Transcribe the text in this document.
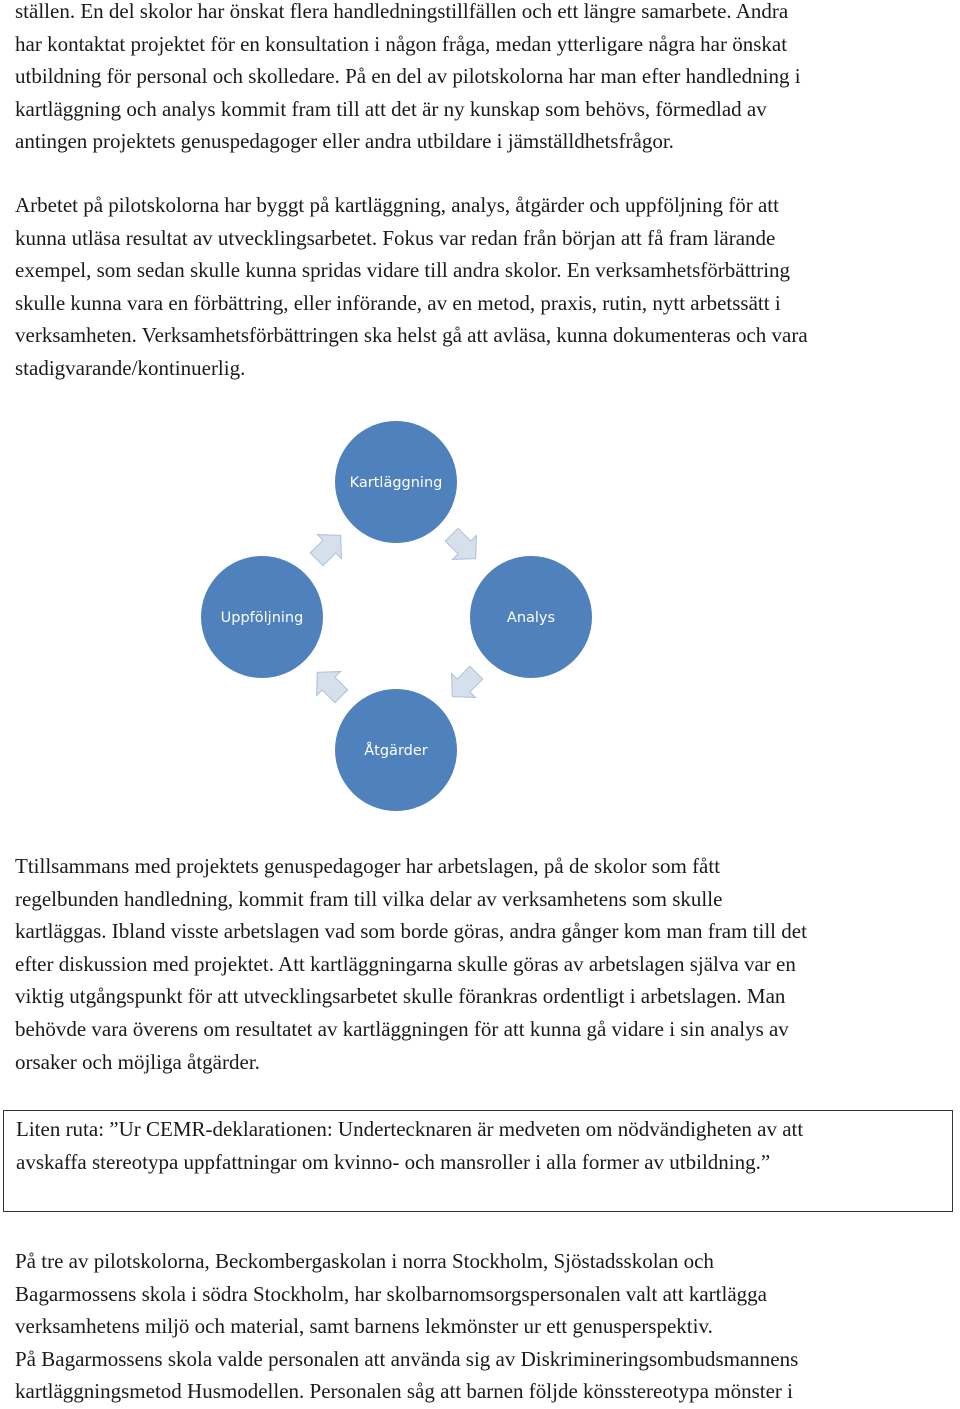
ställen. En del skolor har önskat flera handledningstillfällen och ett längre samarbete. Andra
har kontaktat projektet för en konsultation i någon fråga, medan ytterligare några har önskat
utbildning för personal och skolledare. På en del av pilotskolorna har man efter handledning i
kartläggning och analys kommit fram till att det är ny kunskap som behövs, förmedlad av
antingen projektets genuspedagoger eller andra utbildare i jämställdhetsfrågor.

Arbetet på pilotskolorna har byggt på kartläggning, analys, åtgärder och uppföljning för att
kunna utläsa resultat av utvecklingsarbetet. Fokus var redan från början att få fram lärande
exempel, som sedan skulle kunna spridas vidare till andra skolor. En verksamhetsförbättring
skulle kunna vara en förbättring, eller införande, av en metod, praxis, rutin, nytt arbetssätt i
verksamheten. Verksamhetsförbättringen ska helst gå att avläsa, kunna dokumenteras och vara
stadigvarande/kontinuerlig.

Kartläggning
Analys
Åtgärder
Uppföljning

Ttillsammans med projektets genuspedagoger har arbetslagen, på de skolor som fått
regelbunden handledning, kommit fram till vilka delar av verksamhetens som skulle
kartläggas. Ibland visste arbetslagen vad som borde göras, andra gånger kom man fram till det
efter diskussion med projektet. Att kartläggningarna skulle göras av arbetslagen själva var en
viktig utgångspunkt för att utvecklingsarbetet skulle förankras ordentligt i arbetslagen. Man
behövde vara överens om resultatet av kartläggningen för att kunna gå vidare i sin analys av
orsaker och möjliga åtgärder.

Liten ruta: ”Ur CEMR-deklarationen: Undertecknaren är medveten om nödvändigheten av att
avskaffa stereotypa uppfattningar om kvinno- och mansroller i alla former av utbildning.”

På tre av pilotskolorna, Beckombergaskolan i norra Stockholm, Sjöstadsskolan och
Bagarmossens skola i södra Stockholm, har skolbarnomsorgspersonalen valt att kartlägga
verksamhetens miljö och material, samt barnens lekmönster ur ett genusperspektiv.
På Bagarmossens skola valde personalen att använda sig av Diskrimineringsombudsmannens
kartläggningsmetod Husmodellen. Personalen såg att barnen följde könsstereotypa mönster i
